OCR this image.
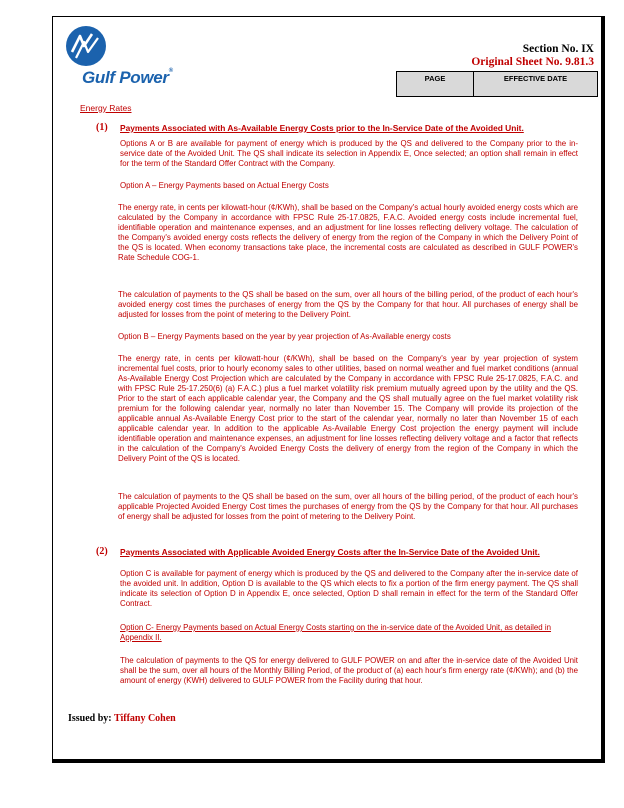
Gulf Power®
Section No. IX
Original Sheet No. 9.81.3
PAGE	EFFECTIVE DATE
Energy Rates
(1) Payments Associated with As-Available Energy Costs prior to the In-Service Date of the Avoided Unit.

Options A or B are available for payment of energy which is produced by the QS and delivered to the Company prior to the in-service date of the Avoided Unit. The QS shall indicate its selection in Appendix E, Once selected; an option shall remain in effect for the term of the Standard Offer Contract with the Company.

Option A – Energy Payments based on Actual Energy Costs

The energy rate, in cents per kilowatt-hour (¢/KWh), shall be based on the Company's actual hourly avoided energy costs which are calculated by the Company in accordance with FPSC Rule 25-17.0825, F.A.C. Avoided energy costs include incremental fuel, identifiable operation and maintenance expenses, and an adjustment for line losses reflecting delivery voltage. The calculation of the Company's avoided energy costs reflects the delivery of energy from the region of the Company in which the Delivery Point of the QS is located. When economy transactions take place, the incremental costs are calculated as described in GULF POWER's Rate Schedule COG-1.

The calculation of payments to the QS shall be based on the sum, over all hours of the billing period, of the product of each hour's avoided energy cost times the purchases of energy from the QS by the Company for that hour. All purchases of energy shall be adjusted for losses from the point of metering to the Delivery Point.

Option B – Energy Payments based on the year by year projection of As-Available energy costs

The energy rate, in cents per kilowatt-hour (¢/KWh), shall be based on the Company's year by year projection of system incremental fuel costs, prior to hourly economy sales to other utilities, based on normal weather and fuel market conditions (annual As-Available Energy Cost Projection which are calculated by the Company in accordance with FPSC Rule 25-17.0825, F.A.C. and with FPSC Rule 25-17.250(6) (a) F.A.C.) plus a fuel market volatility risk premium mutually agreed upon by the utility and the QS. Prior to the start of each applicable calendar year, the Company and the QS shall mutually agree on the fuel market volatility risk premium for the following calendar year, normally no later than November 15. The Company will provide its projection of the applicable annual As-Available Energy Cost prior to the start of the calendar year, normally no later than November 15 of each applicable calendar year. In addition to the applicable As-Available Energy Cost projection the energy payment will include identifiable operation and maintenance expenses, an adjustment for line losses reflecting delivery voltage and a factor that reflects in the calculation of the Company's Avoided Energy Costs the delivery of energy from the region of the Company in which the Delivery Point of the QS is located.

The calculation of payments to the QS shall be based on the sum, over all hours of the billing period, of the product of each hour's applicable Projected Avoided Energy Cost times the purchases of energy from the QS by the Company for that hour. All purchases of energy shall be adjusted for losses from the point of metering to the Delivery Point.

(2) Payments Associated with Applicable Avoided Energy Costs after the In-Service Date of the Avoided Unit.

Option C is available for payment of energy which is produced by the QS and delivered to the Company after the in-service date of the avoided unit. In addition, Option D is available to the QS which elects to fix a portion of the firm energy payment. The QS shall indicate its selection of Option D in Appendix E, once selected, Option D shall remain in effect for the term of the Standard Offer Contract.

Option C- Energy Payments based on Actual Energy Costs starting on the in-service date of the Avoided Unit, as detailed in Appendix II.

The calculation of payments to the QS for energy delivered to GULF POWER on and after the in-service date of the Avoided Unit shall be the sum, over all hours of the Monthly Billing Period, of the product of (a) each hour's firm energy rate (¢/KWh); and (b) the amount of energy (KWH) delivered to GULF POWER from the Facility during that hour.

Issued by: Tiffany Cohen
